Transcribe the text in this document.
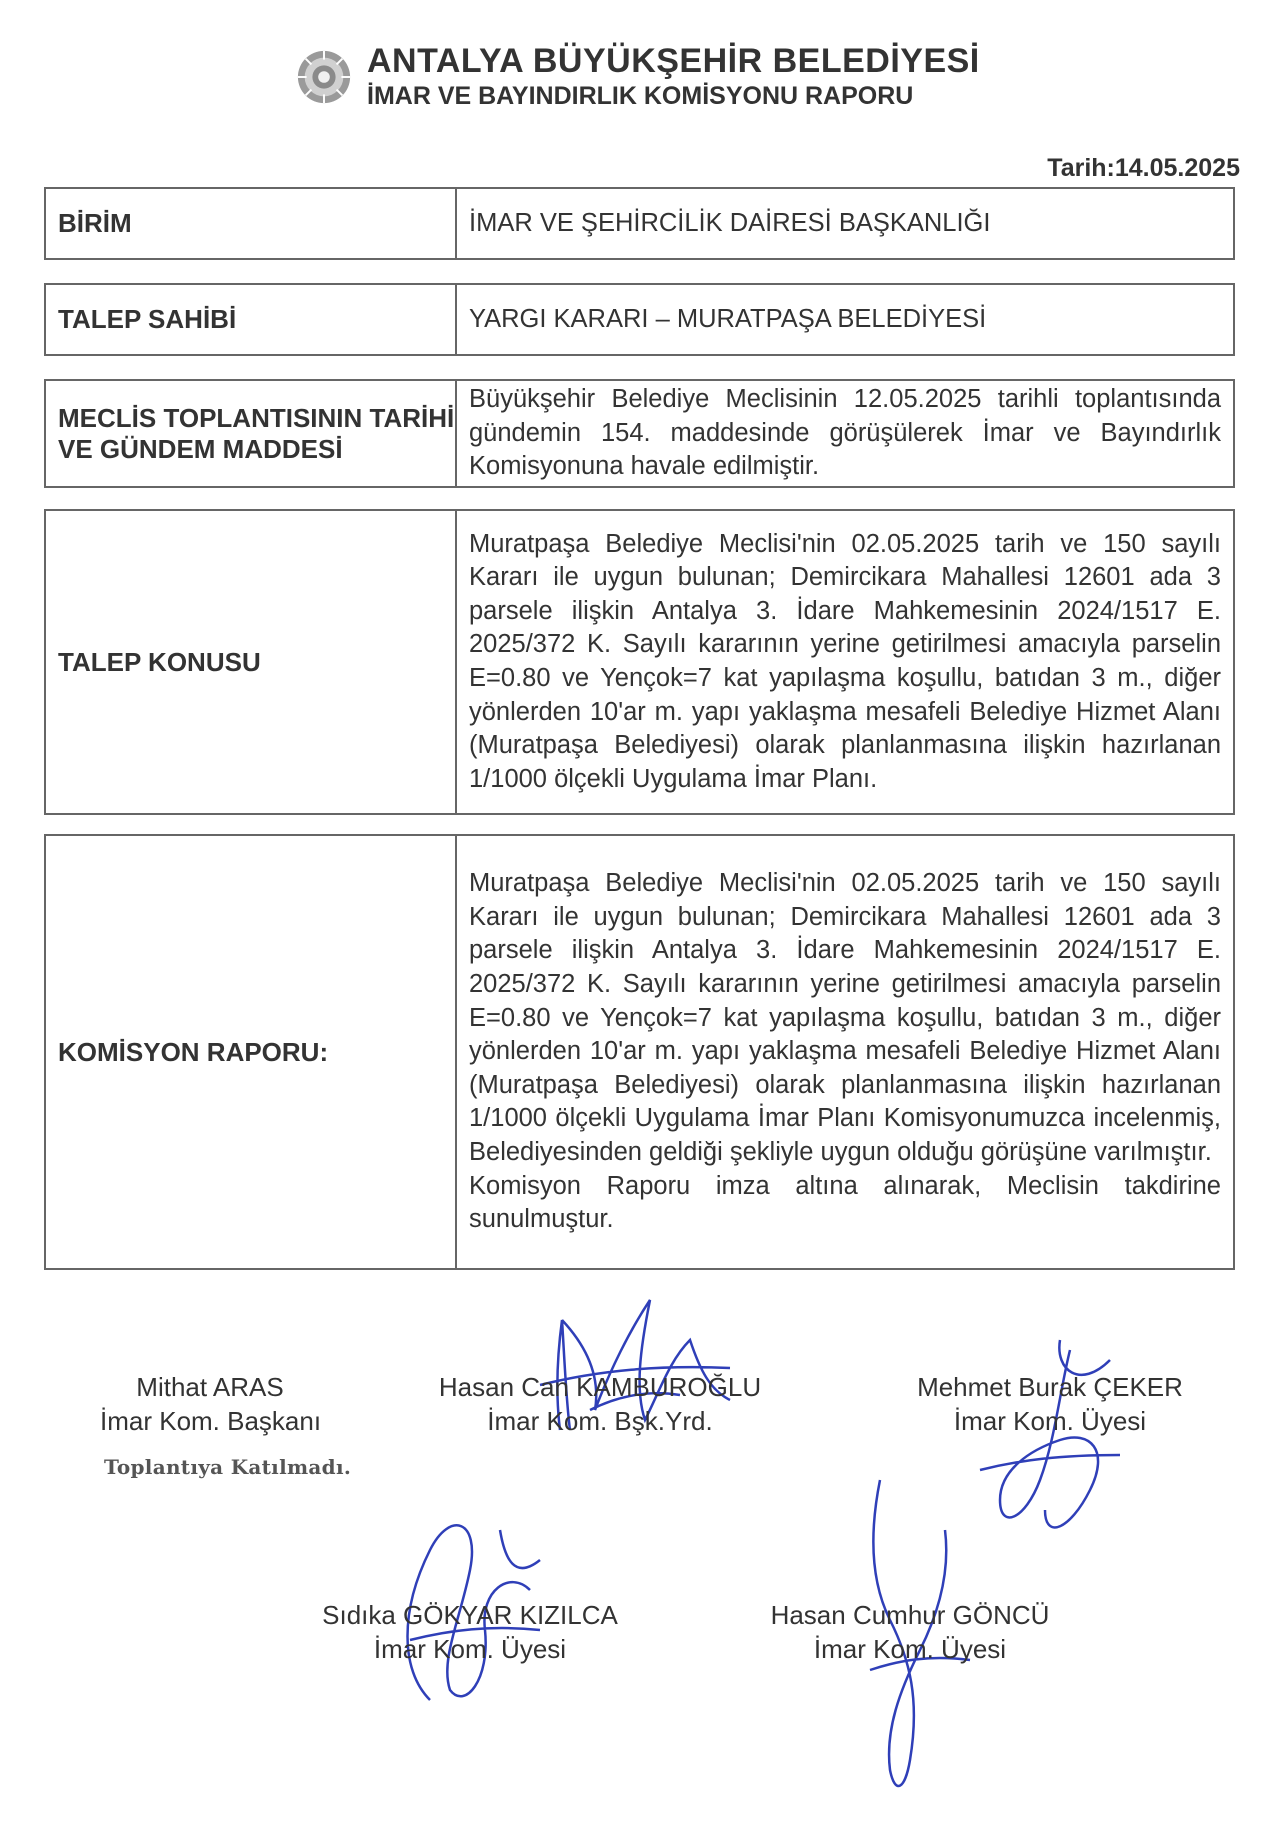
ANTALYA BÜYÜKŞEHİR BELEDİYESİ
İMAR VE BAYINDIRLIK KOMİSYONU RAPORU
Tarih:14.05.2025
BİRİM	İMAR VE ŞEHİRCİLİK DAİRESİ BAŞKANLIĞI
TALEP SAHİBİ	YARGI KARARI – MURATPAŞA BELEDİYESİ
MECLİS TOPLANTISININ TARİHİ VE GÜNDEM MADDESİ
Büyükşehir Belediye Meclisinin 12.05.2025 tarihli toplantısında gündemin 154. maddesinde görüşülerek İmar ve Bayındırlık Komisyonuna havale edilmiştir.
TALEP KONUSU
Muratpaşa Belediye Meclisi'nin 02.05.2025 tarih ve 150 sayılı Kararı ile uygun bulunan; Demircikara Mahallesi 12601 ada 3 parsele ilişkin Antalya 3. İdare Mahkemesinin 2024/1517 E. 2025/372 K. Sayılı kararının yerine getirilmesi amacıyla parselin E=0.80 ve Yençok=7 kat yapılaşma koşullu, batıdan 3 m., diğer yönlerden 10'ar m. yapı yaklaşma mesafeli Belediye Hizmet Alanı (Muratpaşa Belediyesi) olarak planlanmasına ilişkin hazırlanan 1/1000 ölçekli Uygulama İmar Planı.
KOMİSYON RAPORU:

Muratpaşa Belediye Meclisi'nin 02.05.2025 tarih ve 150 sayılı Kararı ile uygun bulunan; Demircikara Mahallesi 12601 ada 3 parsele ilişkin Antalya 3. İdare Mahkemesinin 2024/1517 E. 2025/372 K. Sayılı kararının yerine getirilmesi amacıyla parselin E=0.80 ve Yençok=7 kat yapılaşma koşullu, batıdan 3 m., diğer yönlerden 10'ar m. yapı yaklaşma mesafeli Belediye Hizmet Alanı (Muratpaşa Belediyesi) olarak planlanmasına ilişkin hazırlanan 1/1000 ölçekli Uygulama İmar Planı Komisyonumuzca incelenmiş, Belediyesinden geldiği şekliyle uygun olduğu görüşüne varılmıştır.

Komisyon Raporu imza altına alınarak, Meclisin takdirine sunulmuştur.

Mithat ARAS
İmar Kom. Başkanı
Toplantıya Katılmadı.
Hasan Can KAMBUROĞLU
İmar Kom. Bşk.Yrd.
Mehmet Burak ÇEKER
İmar Kom. Üyesi
Sıdıka GÖKYAR KIZILCA
İmar Kom. Üyesi
Hasan Cumhur GÖNCÜ
İmar Kom. Üyesi
